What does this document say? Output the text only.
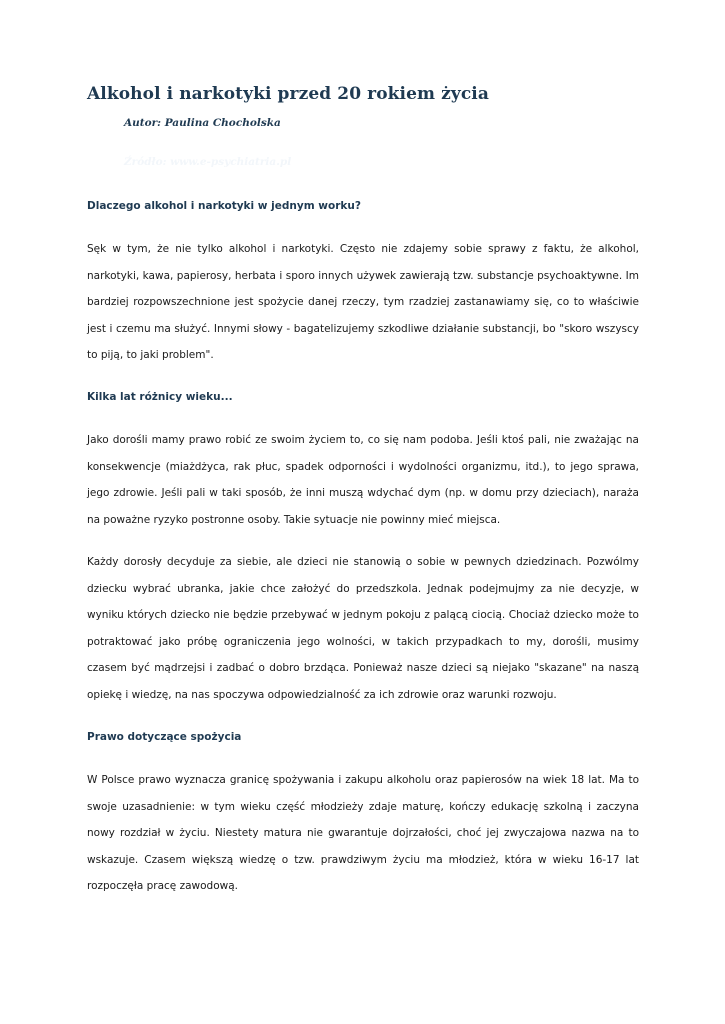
Alkohol i narkotyki przed 20 rokiem życia

Autor: Paulina Chocholska

Źródło: www.e-psychiatria.pl

Dlaczego alkohol i narkotyki w jednym worku?

Sęk w tym, że nie tylko alkohol i narkotyki. Często nie zdajemy sobie sprawy z faktu, że alkohol, narkotyki, kawa, papierosy, herbata i sporo innych używek zawierają tzw. substancje psychoaktywne. Im bardziej rozpowszechnione jest spożycie danej rzeczy, tym rzadziej zastanawiamy się, co to właściwie jest i czemu ma służyć. Innymi słowy - bagatelizujemy szkodliwe działanie substancji, bo "skoro wszyscy to piją, to jaki problem".

Kilka lat różnicy wieku...

Jako dorośli mamy prawo robić ze swoim życiem to, co się nam podoba. Jeśli ktoś pali, nie zważając na konsekwencje (miażdżyca, rak płuc, spadek odporności i wydolności organizmu, itd.), to jego sprawa, jego zdrowie. Jeśli pali w taki sposób, że inni muszą wdychać dym (np. w domu przy dzieciach), naraża na poważne ryzyko postronne osoby. Takie sytuacje nie powinny mieć miejsca.

Każdy dorosły decyduje za siebie, ale dzieci nie stanowią o sobie w pewnych dziedzinach. Pozwólmy dziecku wybrać ubranka, jakie chce założyć do przedszkola. Jednak podejmujmy za nie decyzje, w wyniku których dziecko nie będzie przebywać w jednym pokoju z palącą ciocią. Chociaż dziecko może to potraktować jako próbę ograniczenia jego wolności, w takich przypadkach to my, dorośli, musimy czasem być mądrzejsi i zadbać o dobro brzdąca. Ponieważ nasze dzieci są niejako "skazane" na naszą opiekę i wiedzę, na nas spoczywa odpowiedzialność za ich zdrowie oraz warunki rozwoju.

Prawo dotyczące spożycia

W Polsce prawo wyznacza granicę spożywania i zakupu alkoholu oraz papierosów na wiek 18 lat. Ma to swoje uzasadnienie: w tym wieku część młodzieży zdaje maturę, kończy edukację szkolną i zaczyna nowy rozdział w życiu. Niestety matura nie gwarantuje dojrzałości, choć jej zwyczajowa nazwa na to wskazuje. Czasem większą wiedzę o tzw. prawdziwym życiu ma młodzież, która w wieku 16-17 lat rozpoczęła pracę zawodową.
